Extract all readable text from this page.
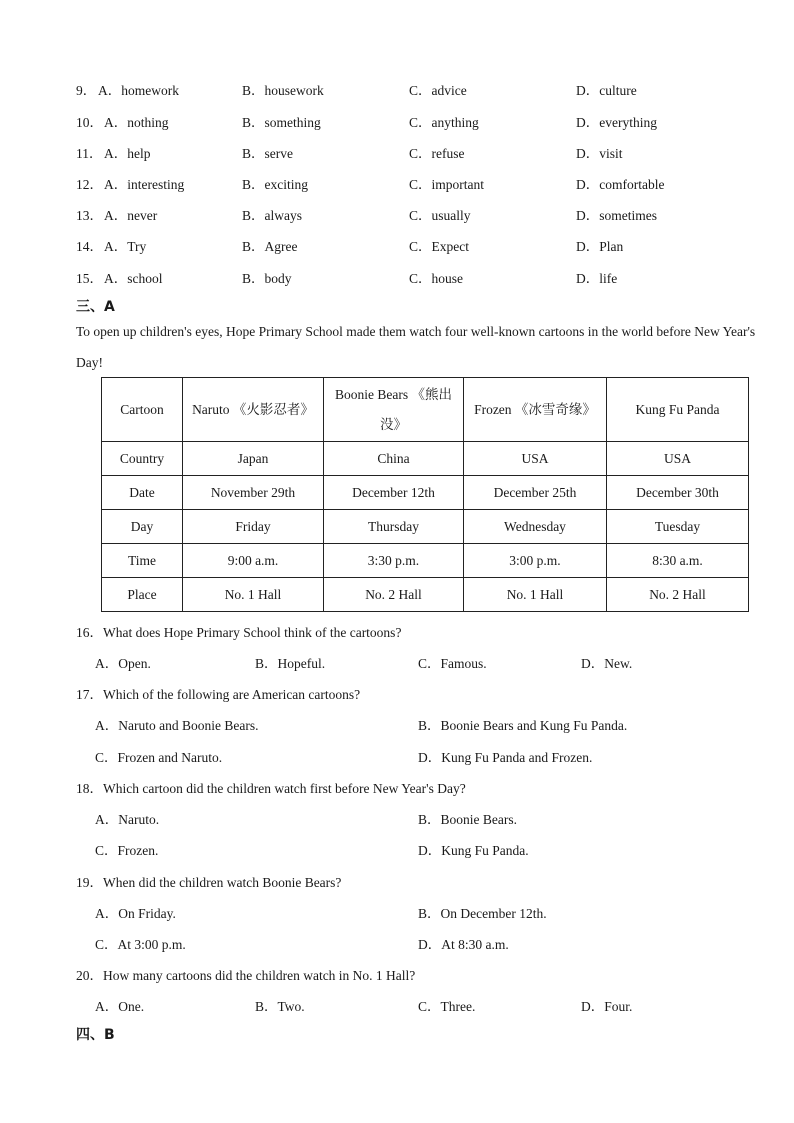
9． A．homework	B．housework	C．advice	D．culture
10． A．nothing	B．something	C．anything	D．everything
11． A．help	B．serve	C．refuse	D．visit
12． A．interesting	B．exciting	C．important	D．comfortable
13． A．never	B．always	C．usually	D．sometimes
14． A．Try	B．Agree	C．Expect	D．Plan
15． A．school	B．body	C．house	D．life
三、A
To open up children's eyes, Hope Primary School made them watch four well-known cartoons in the world before New Year's Day!
Cartoon	Naruto 《火影忍者》	Boonie Bears 《熊出没》	Frozen 《冰雪奇缘》	Kung Fu Panda
Country	Japan	China	USA	USA
Date	November 29th	December 12th	December 25th	December 30th
Day	Friday	Thursday	Wednesday	Tuesday
Time	9:00 a.m.	3:30 p.m.	3:00 p.m.	8:30 a.m.
Place	No. 1 Hall	No. 2 Hall	No. 1 Hall	No. 2 Hall
16．What does Hope Primary School think of the cartoons?
A．Open.	B．Hopeful.	C．Famous.	D．New.
17．Which of the following are American cartoons?
A．Naruto and Boonie Bears.	B．Boonie Bears and Kung Fu Panda.
C．Frozen and Naruto.	D．Kung Fu Panda and Frozen.
18．Which cartoon did the children watch first before New Year's Day?
A．Naruto.	B．Boonie Bears.
C．Frozen.	D．Kung Fu Panda.
19．When did the children watch Boonie Bears?
A．On Friday.	B．On December 12th.
C．At 3:00 p.m.	D．At 8:30 a.m.
20．How many cartoons did the children watch in No. 1 Hall?
A．One.	B．Two.	C．Three.	D．Four.
四、B
